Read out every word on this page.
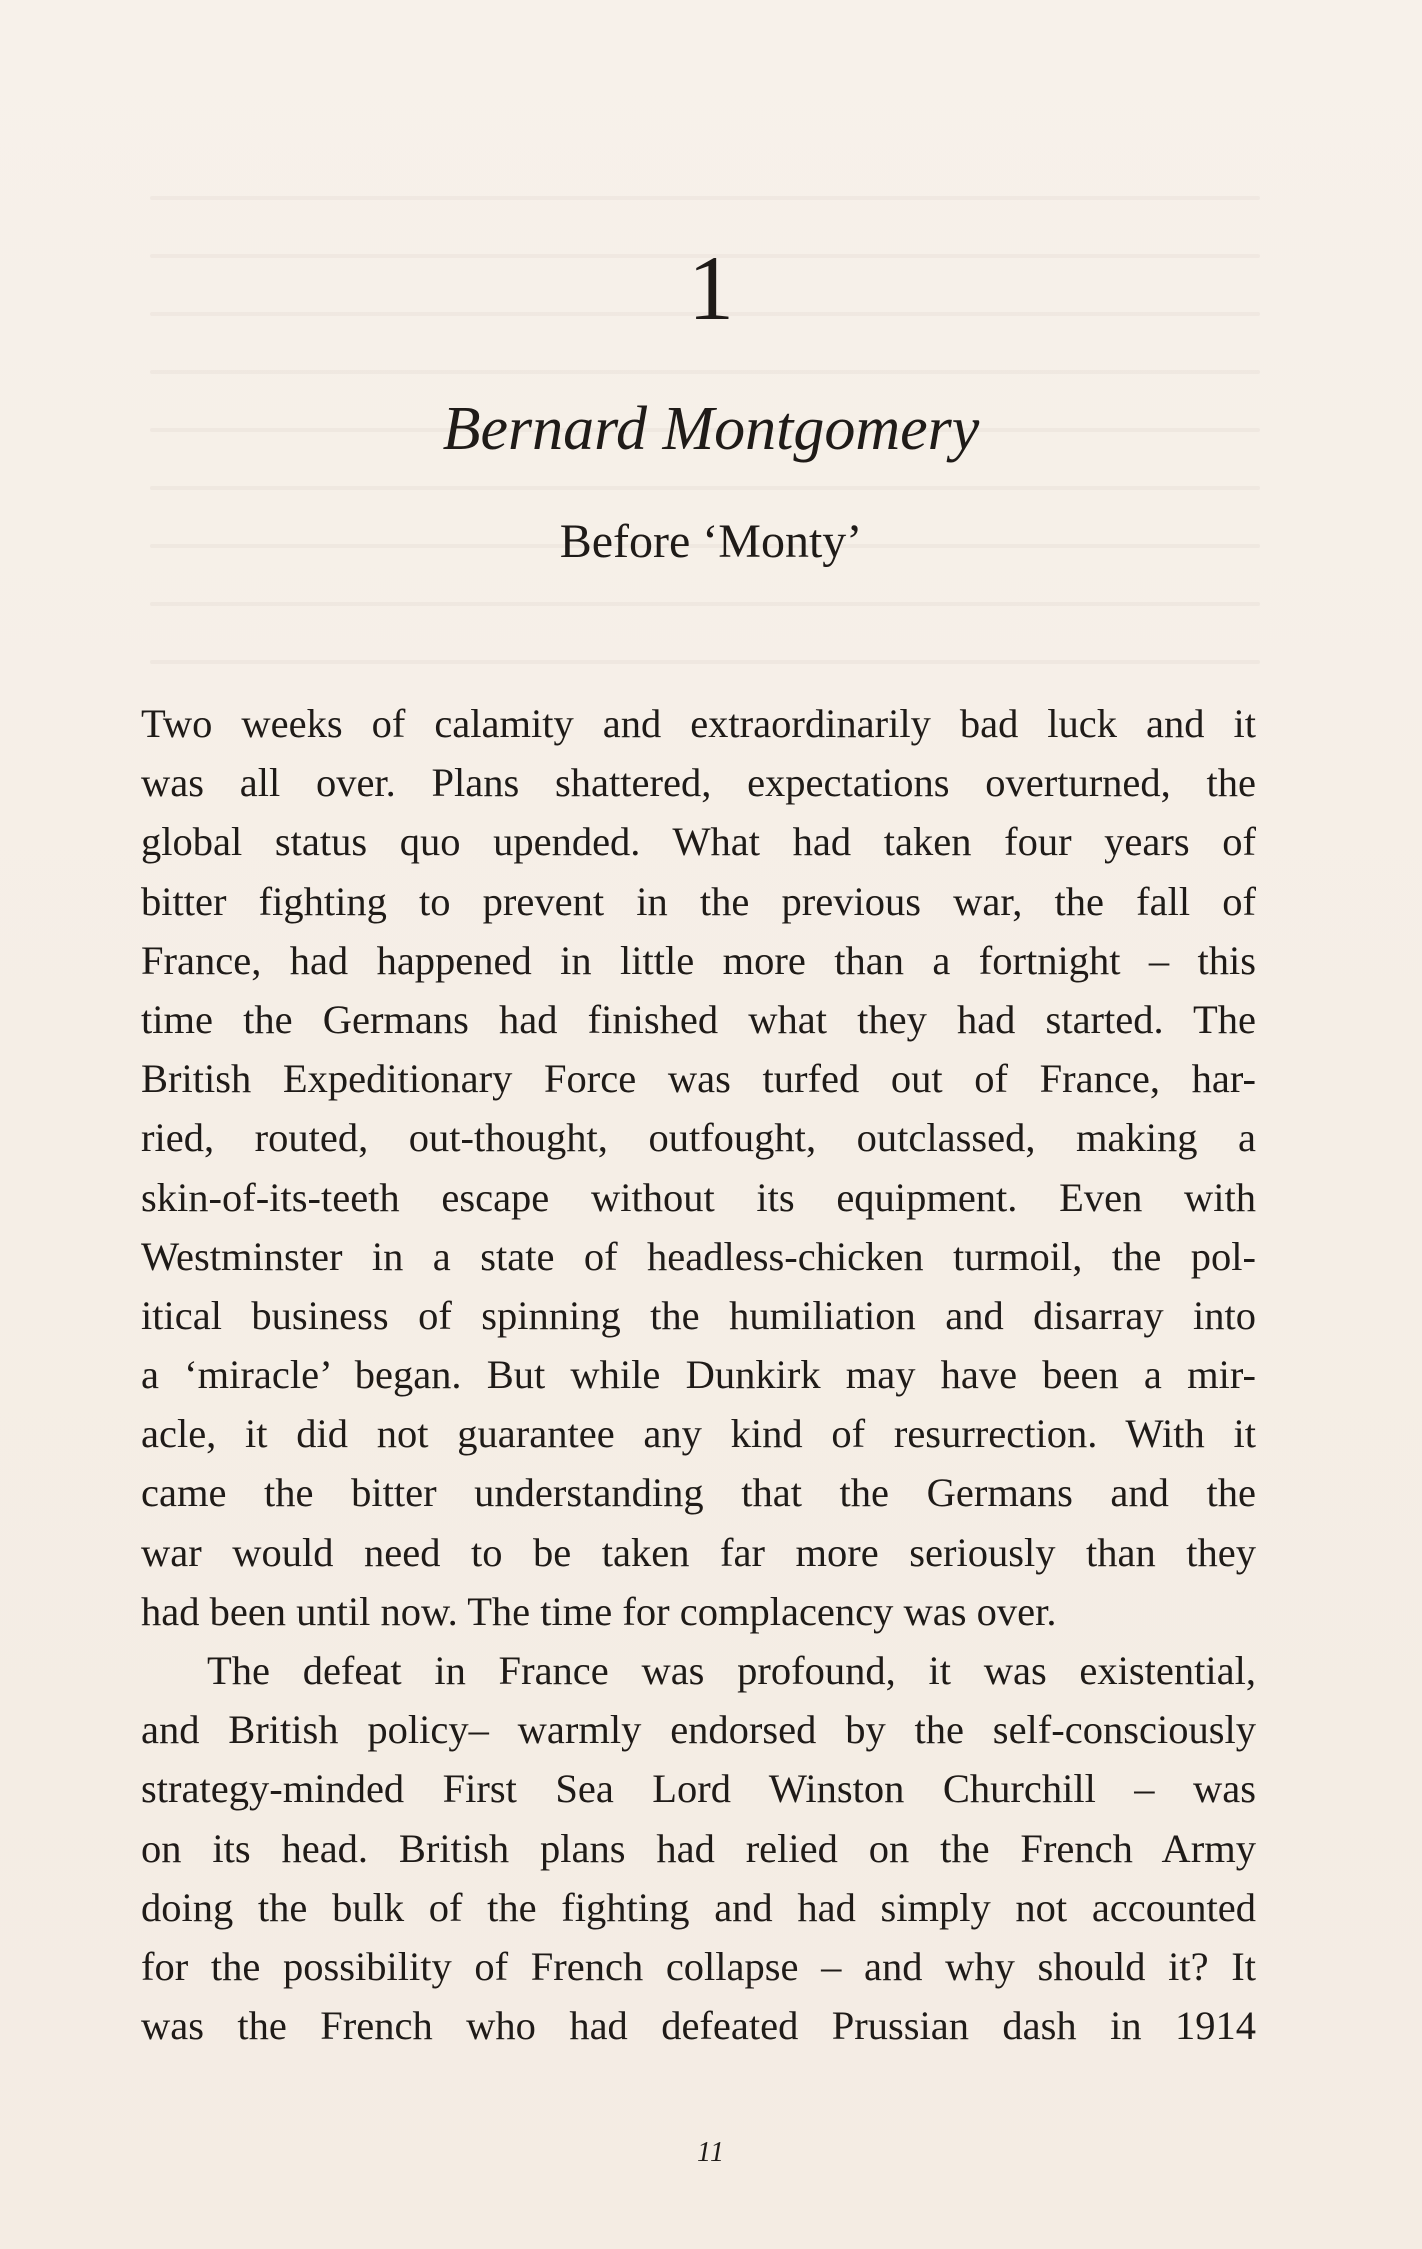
1
Bernard Montgomery
Before ‘Monty’
Two weeks of calamity and extraordinarily bad luck and it
was all over. Plans shattered, expectations overturned, the
global status quo upended. What had taken four years of
bitter fighting to prevent in the previous war, the fall of
France, had happened in little more than a fortnight – this
time the Germans had finished what they had started. The
British Expeditionary Force was turfed out of France, har-
ried, routed, out-thought, outfought, outclassed, making a
skin-of-its-teeth escape without its equipment. Even with
Westminster in a state of headless-chicken turmoil, the pol-
itical business of spinning the humiliation and disarray into
a ‘miracle’ began. But while Dunkirk may have been a mir-
acle, it did not guarantee any kind of resurrection. With it
came the bitter understanding that the Germans and the
war would need to be taken far more seriously than they
had been until now. The time for complacency was over.
The defeat in France was profound, it was existential,
and British policy– warmly endorsed by the self-consciously
strategy-minded First Sea Lord Winston Churchill – was
on its head. British plans had relied on the French Army
doing the bulk of the fighting and had simply not accounted
for the possibility of French collapse – and why should it? It
was the French who had defeated Prussian dash in 1914
11
